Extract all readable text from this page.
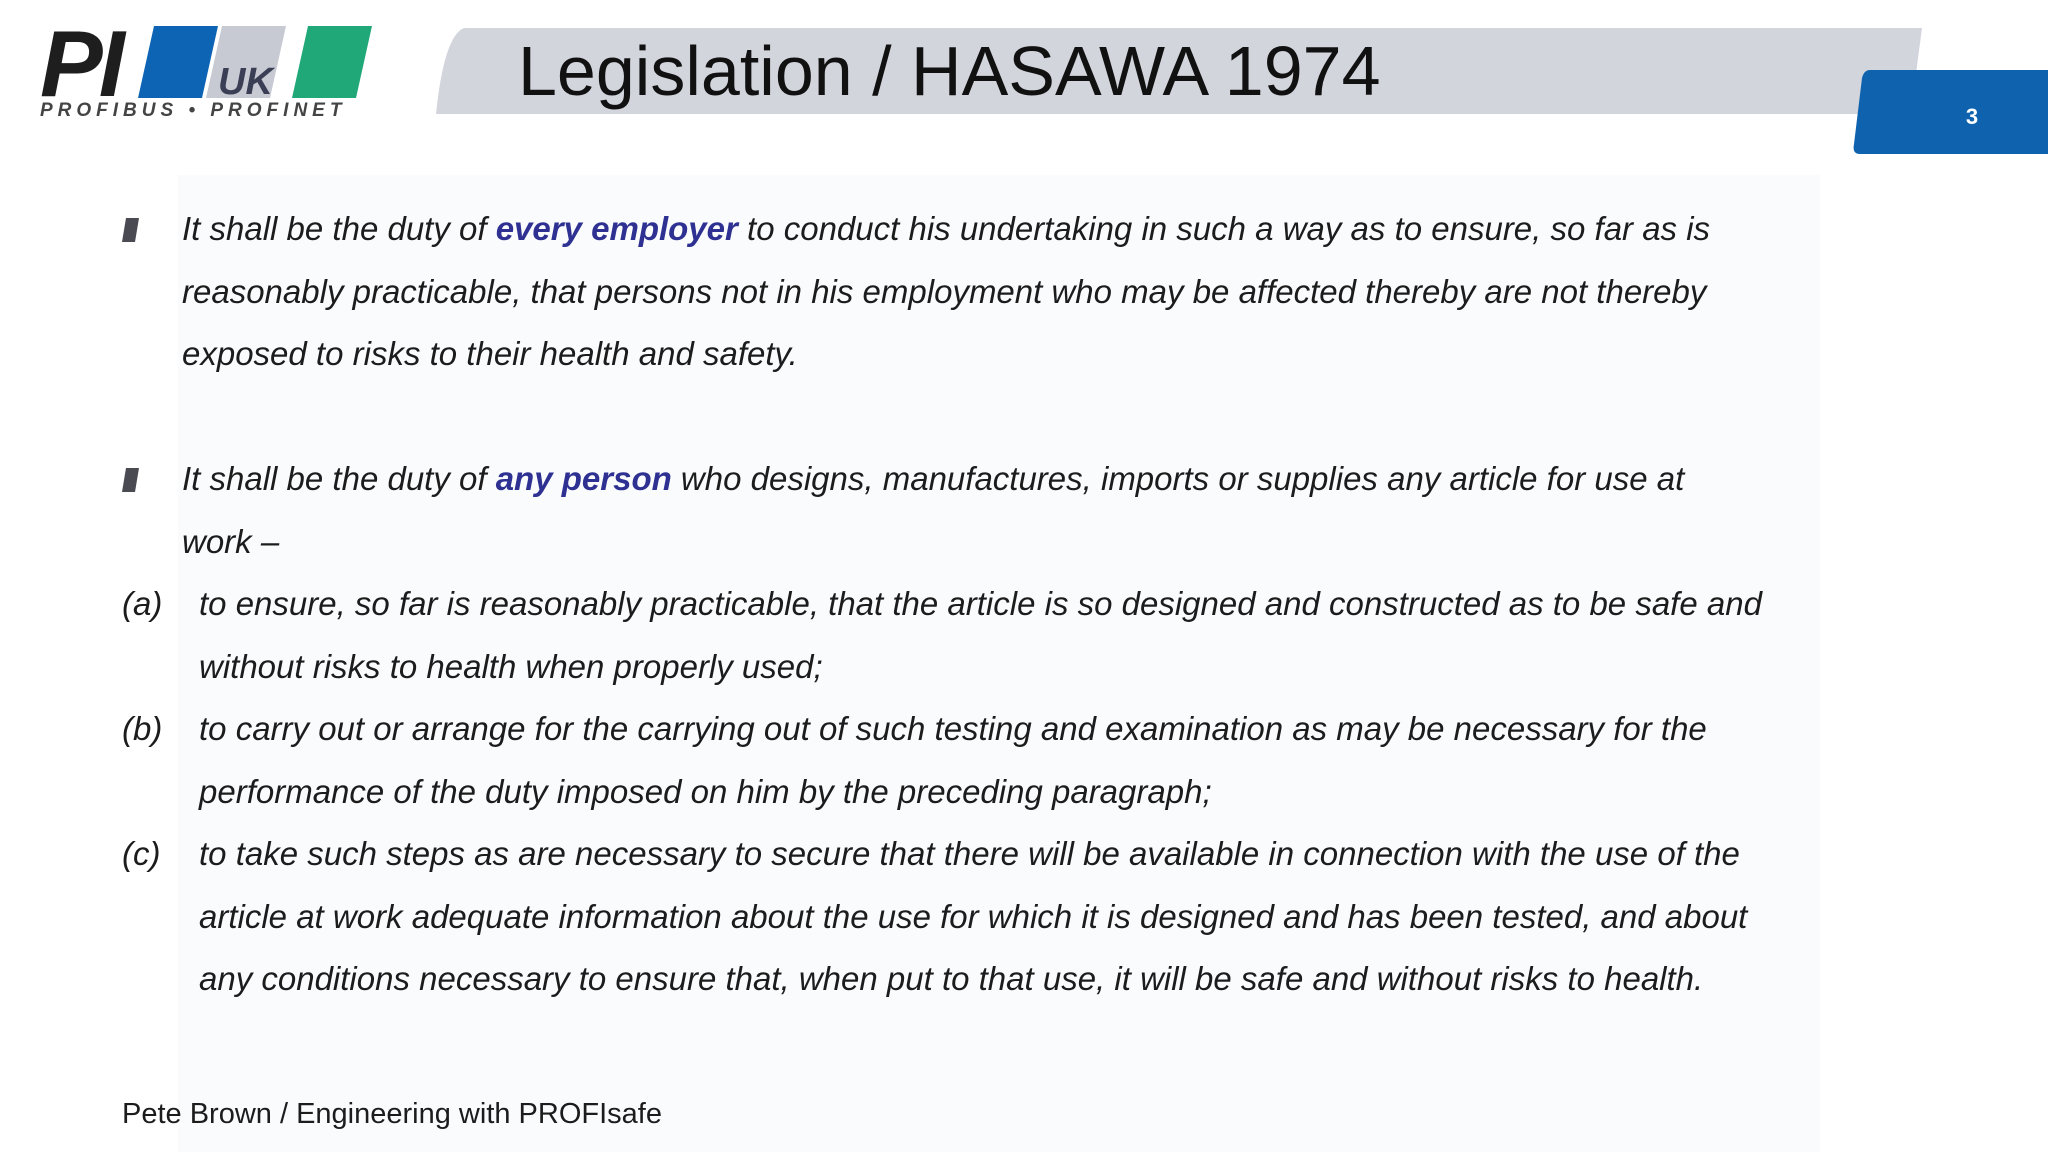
PI	UK
PROFIBUS • PROFINET
Legislation / HASAWA 1974
3
It shall be the duty of every employer to conduct his undertaking in such a way as to ensure, so far as is
reasonably practicable, that persons not in his employment who may be affected thereby are not thereby
exposed to risks to their health and safety.
It shall be the duty of any person who designs, manufactures, imports or supplies any article for use at
work –
(a) to ensure, so far is reasonably practicable, that the article is so designed and constructed as to be safe and
without risks to health when properly used;
(b) to carry out or arrange for the carrying out of such testing and examination as may be necessary for the
performance of the duty imposed on him by the preceding paragraph;
(c) to take such steps as are necessary to secure that there will be available in connection with the use of the
article at work adequate information about the use for which it is designed and has been tested, and about
any conditions necessary to ensure that, when put to that use, it will be safe and without risks to health.
Pete Brown / Engineering with PROFIsafe
